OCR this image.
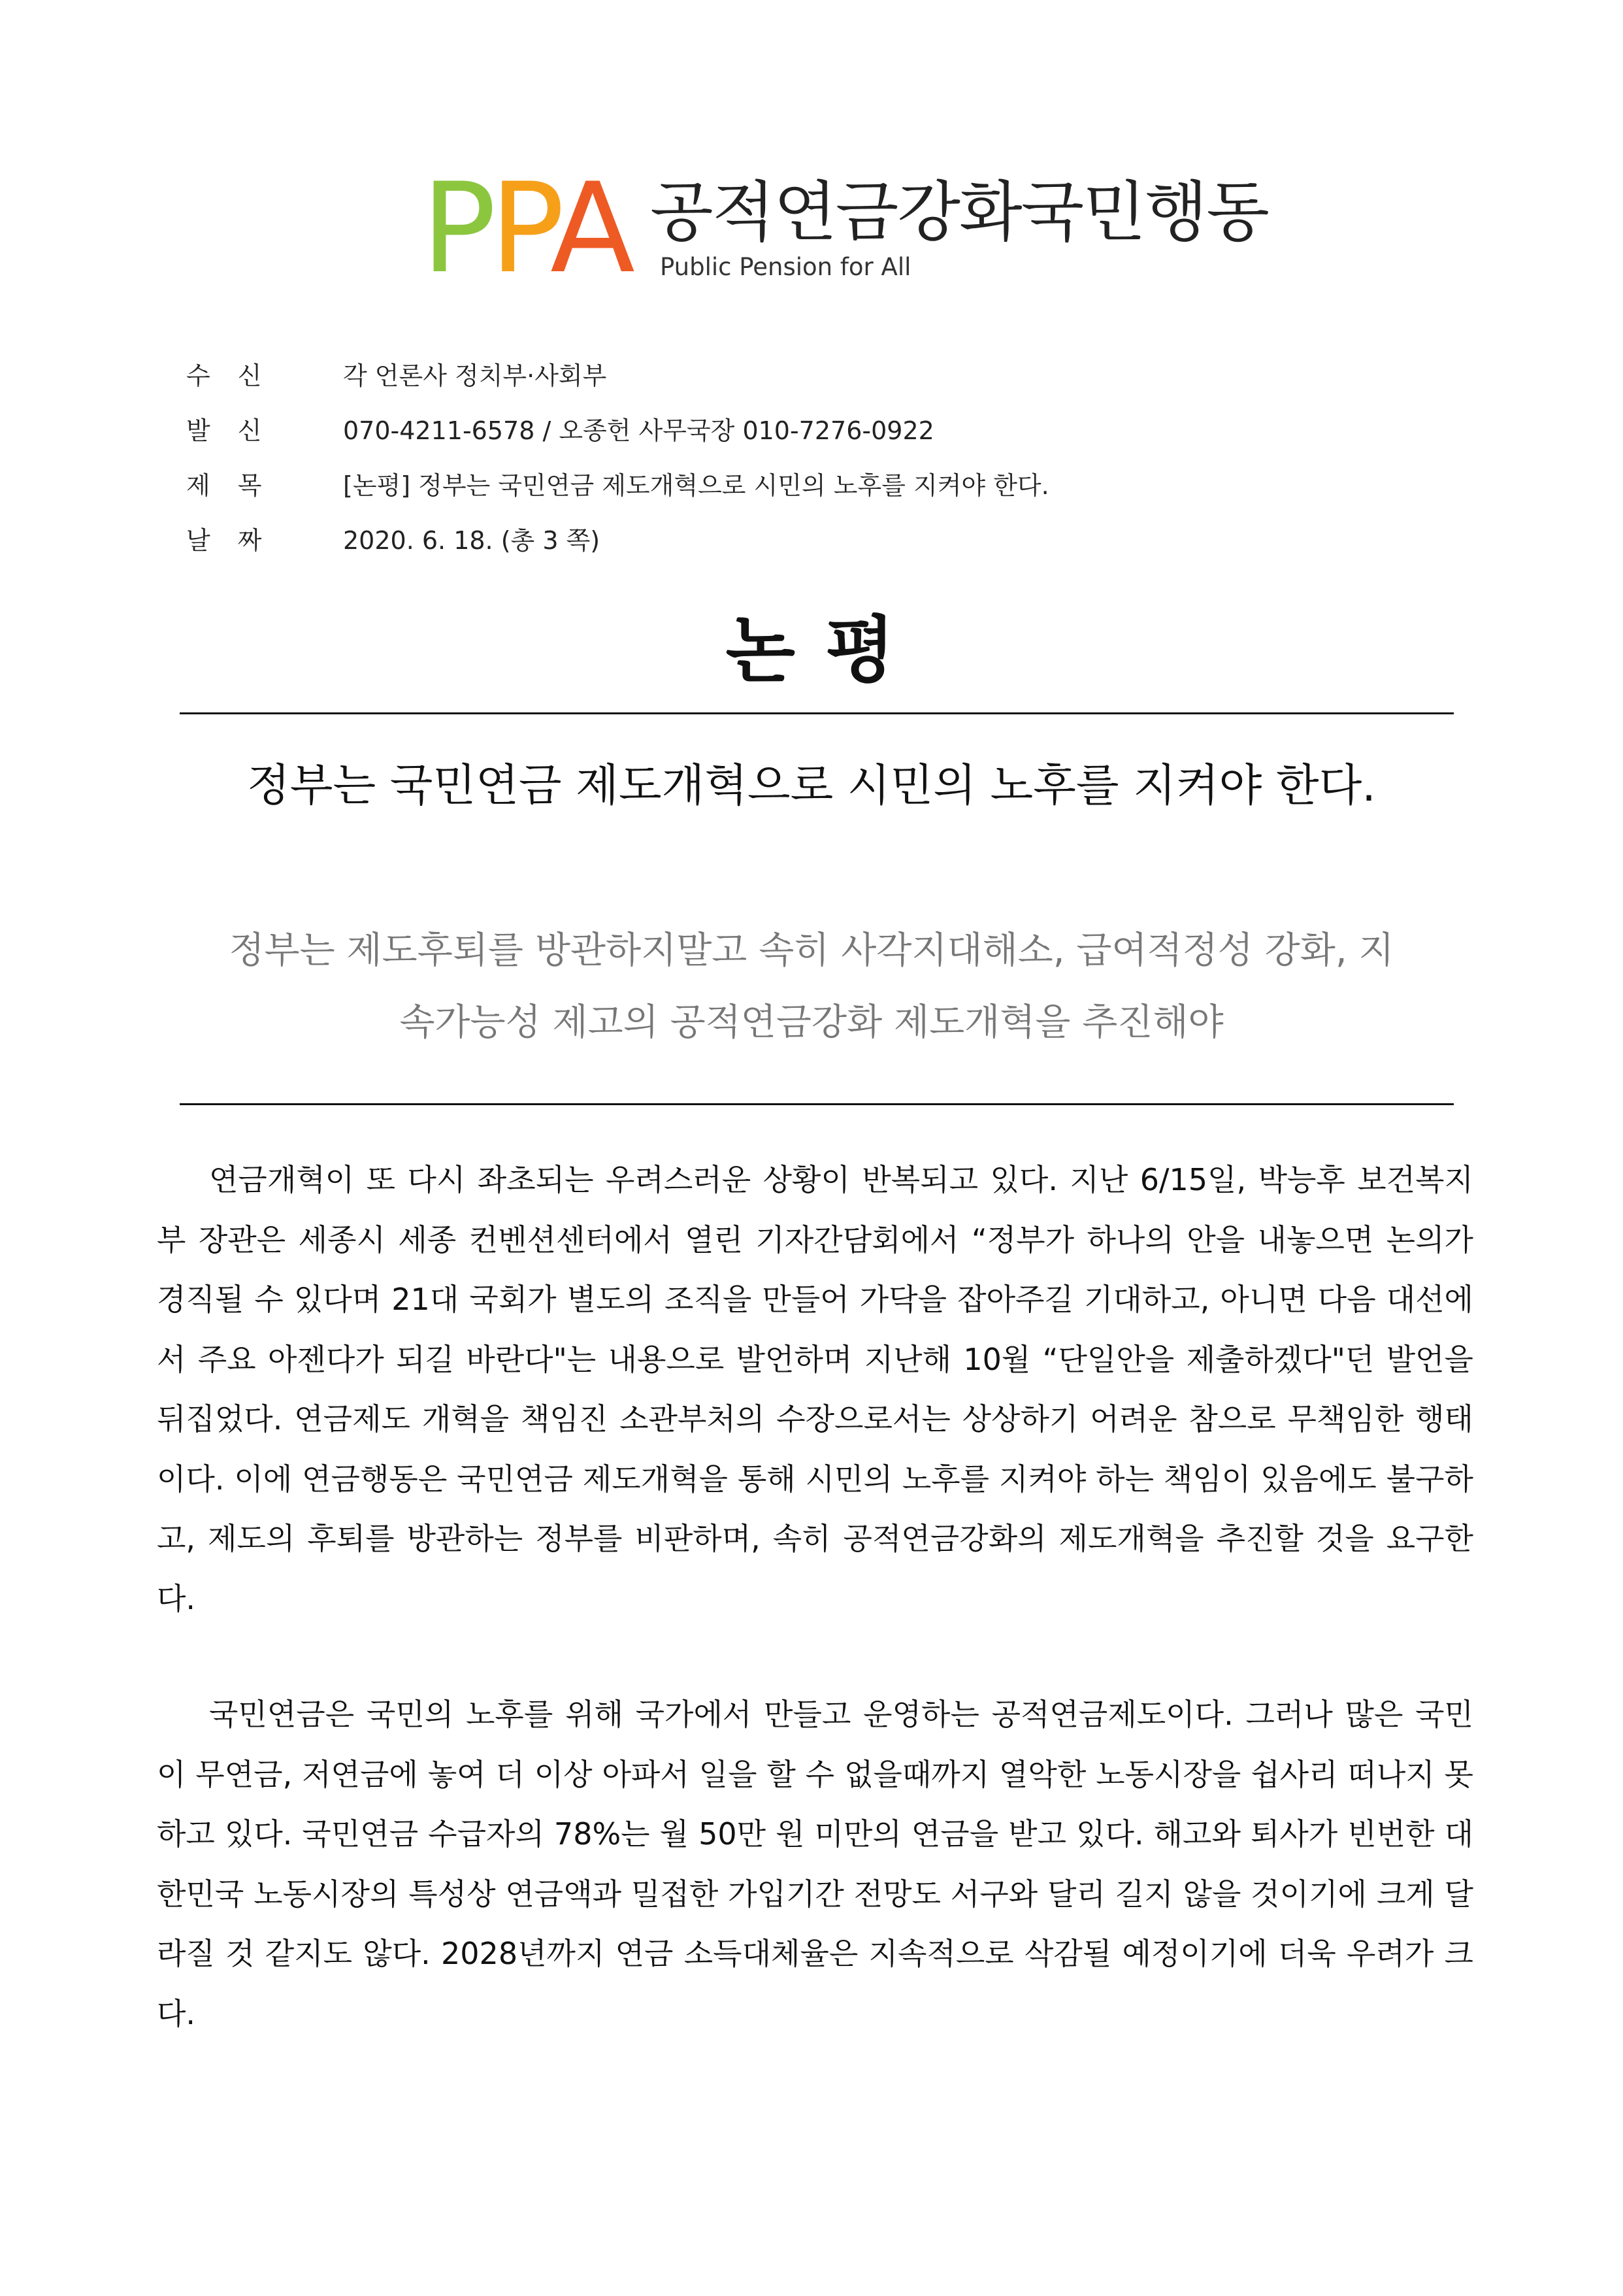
PPA 공적연금강화국민행동
Public Pension for All
수신	각 언론사 정치부·사회부
발신	070-4211-6578 / 오종헌 사무국장 010-7276-0922
제목	[논평] 정부는 국민연금 제도개혁으로 시민의 노후를 지켜야 한다.
날짜	2020. 6. 18. (총 3 쪽)
논 평
정부는 국민연금 제도개혁으로 시민의 노후를 지켜야 한다.
정부는 제도후퇴를 방관하지말고 속히 사각지대해소, 급여적정성 강화, 지속가능성 제고의 공적연금강화 제도개혁을 추진해야

연금개혁이 또 다시 좌초되는 우려스러운 상황이 반복되고 있다. 지난 6/15일, 박능후 보건복지부 장관은 세종시 세종 컨벤션센터에서 열린 기자간담회에서 “정부가 하나의 안을 내놓으면 논의가 경직될 수 있다며 21대 국회가 별도의 조직을 만들어 가닥을 잡아주길 기대하고, 아니면 다음 대선에서 주요 아젠다가 되길 바란다"는 내용으로 발언하며 지난해 10월 “단일안을 제출하겠다"던 발언을 뒤집었다. 연금제도 개혁을 책임진 소관부처의 수장으로서는 상상하기 어려운 참으로 무책임한 행태이다. 이에 연금행동은 국민연금 제도개혁을 통해 시민의 노후를 지켜야 하는 책임이 있음에도 불구하고, 제도의 후퇴를 방관하는 정부를 비판하며, 속히 공적연금강화의 제도개혁을 추진할 것을 요구한다.

국민연금은 국민의 노후를 위해 국가에서 만들고 운영하는 공적연금제도이다. 그러나 많은 국민이 무연금, 저연금에 놓여 더 이상 아파서 일을 할 수 없을때까지 열악한 노동시장을 쉽사리 떠나지 못하고 있다. 국민연금 수급자의 78%는 월 50만 원 미만의 연금을 받고 있다. 해고와 퇴사가 빈번한 대한민국 노동시장의 특성상 연금액과 밀접한 가입기간 전망도 서구와 달리 길지 않을 것이기에 크게 달라질 것 같지도 않다. 2028년까지 연금 소득대체율은 지속적으로 삭감될 예정이기에 더욱 우려가 크다.
